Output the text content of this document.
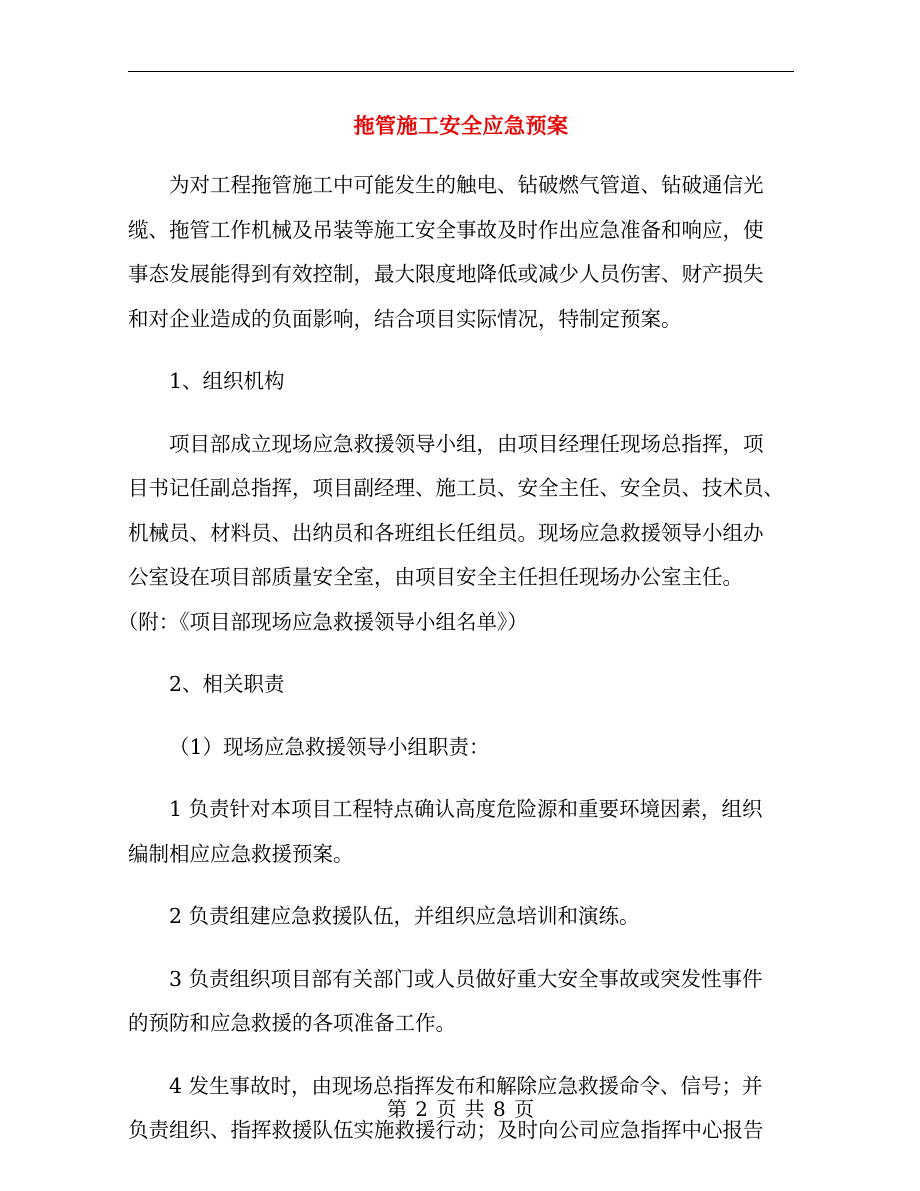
拖管施工安全应急预案
为对工程拖管施工中可能发生的触电、钻破燃气管道、钻破通信光
缆、拖管工作机械及吊装等施工安全事故及时作出应急准备和响应，使
事态发展能得到有效控制，最大限度地降低或减少人员伤害、财产损失
和对企业造成的负面影响，结合项目实际情况，特制定预案。
1、组织机构
项目部成立现场应急救援领导小组，由项目经理任现场总指挥，项
目书记任副总指挥，项目副经理、施工员、安全主任、安全员、技术员、
机械员、材料员、出纳员和各班组长任组员。现场应急救援领导小组办
公室设在项目部质量安全室，由项目安全主任担任现场办公室主任。
（附：《项目部现场应急救援领导小组名单》）
2、相关职责
（1）现场应急救援领导小组职责：
1 负责针对本项目工程特点确认高度危险源和重要环境因素，组织
编制相应应急救援预案。
2 负责组建应急救援队伍，并组织应急培训和演练。
3 负责组织项目部有关部门或人员做好重大安全事故或突发性事件
的预防和应急救援的各项准备工作。
4 发生事故时，由现场总指挥发布和解除应急救援命令、信号；并
负责组织、指挥救援队伍实施救援行动；及时向公司应急指挥中心报告
第 2 页 共 8 页
